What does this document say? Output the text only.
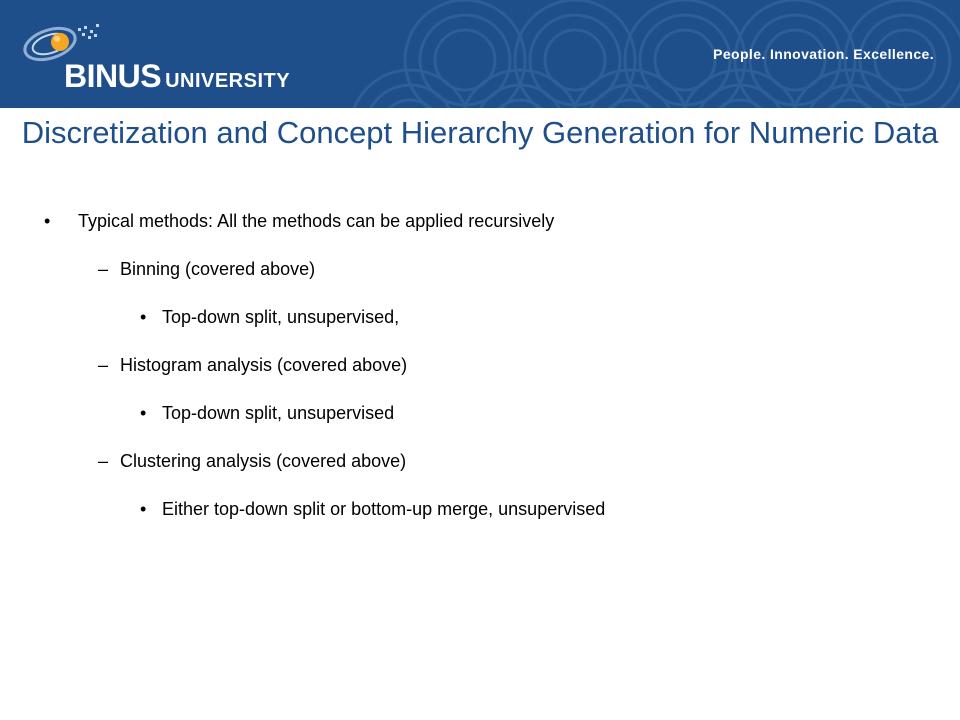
BINUS UNIVERSITY
People. Innovation. Excellence.
Discretization and Concept Hierarchy Generation for Numeric Data
• Typical methods: All the methods can be applied recursively
– Binning (covered above)
• Top-down split, unsupervised,
– Histogram analysis (covered above)
• Top-down split, unsupervised
– Clustering analysis (covered above)
• Either top-down split or bottom-up merge, unsupervised
